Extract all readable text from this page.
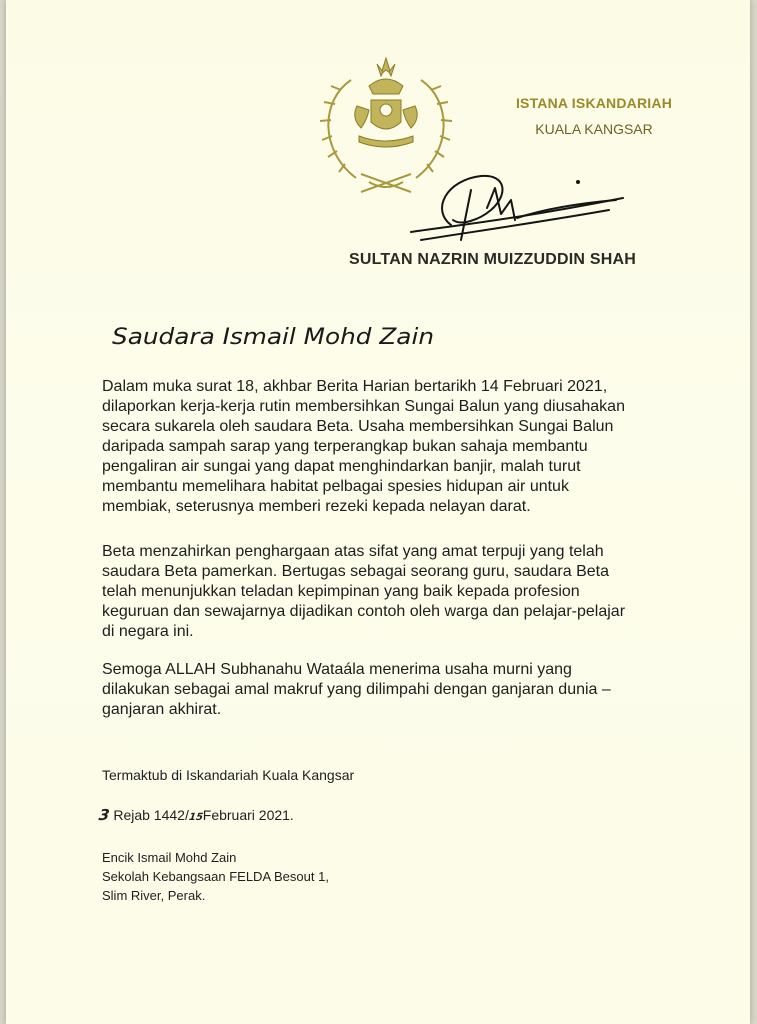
ISTANA ISKANDARIAH
KUALA KANGSAR
SULTAN NAZRIN MUIZZUDDIN SHAH
Saudara Ismail Mohd Zain

Dalam muka surat 18, akhbar Berita Harian bertarikh 14 Februari 2021,
dilaporkan kerja-kerja rutin membersihkan Sungai Balun yang diusahakan
secara sukarela oleh saudara Beta. Usaha membersihkan Sungai Balun
daripada sampah sarap yang terperangkap bukan sahaja membantu
pengaliran air sungai yang dapat menghindarkan banjir, malah turut
membantu memelihara habitat pelbagai spesies hidupan air untuk
membiak, seterusnya memberi rezeki kepada nelayan darat.

Beta menzahirkan penghargaan atas sifat yang amat terpuji yang telah
saudara Beta pamerkan. Bertugas sebagai seorang guru, saudara Beta
telah menunjukkan teladan kepimpinan yang baik kepada profesion
keguruan dan sewajarnya dijadikan contoh oleh warga dan pelajar-pelajar
di negara ini.

Semoga ALLAH Subhanahu Wataála menerima usaha murni yang
dilakukan sebagai amal makruf yang dilimpahi dengan ganjaran dunia –
ganjaran akhirat.

Termaktub di Iskandariah Kuala Kangsar
3 Rejab 1442/15Februari 2021.
Encik Ismail Mohd Zain
Sekolah Kebangsaan FELDA Besout 1,
Slim River, Perak.
